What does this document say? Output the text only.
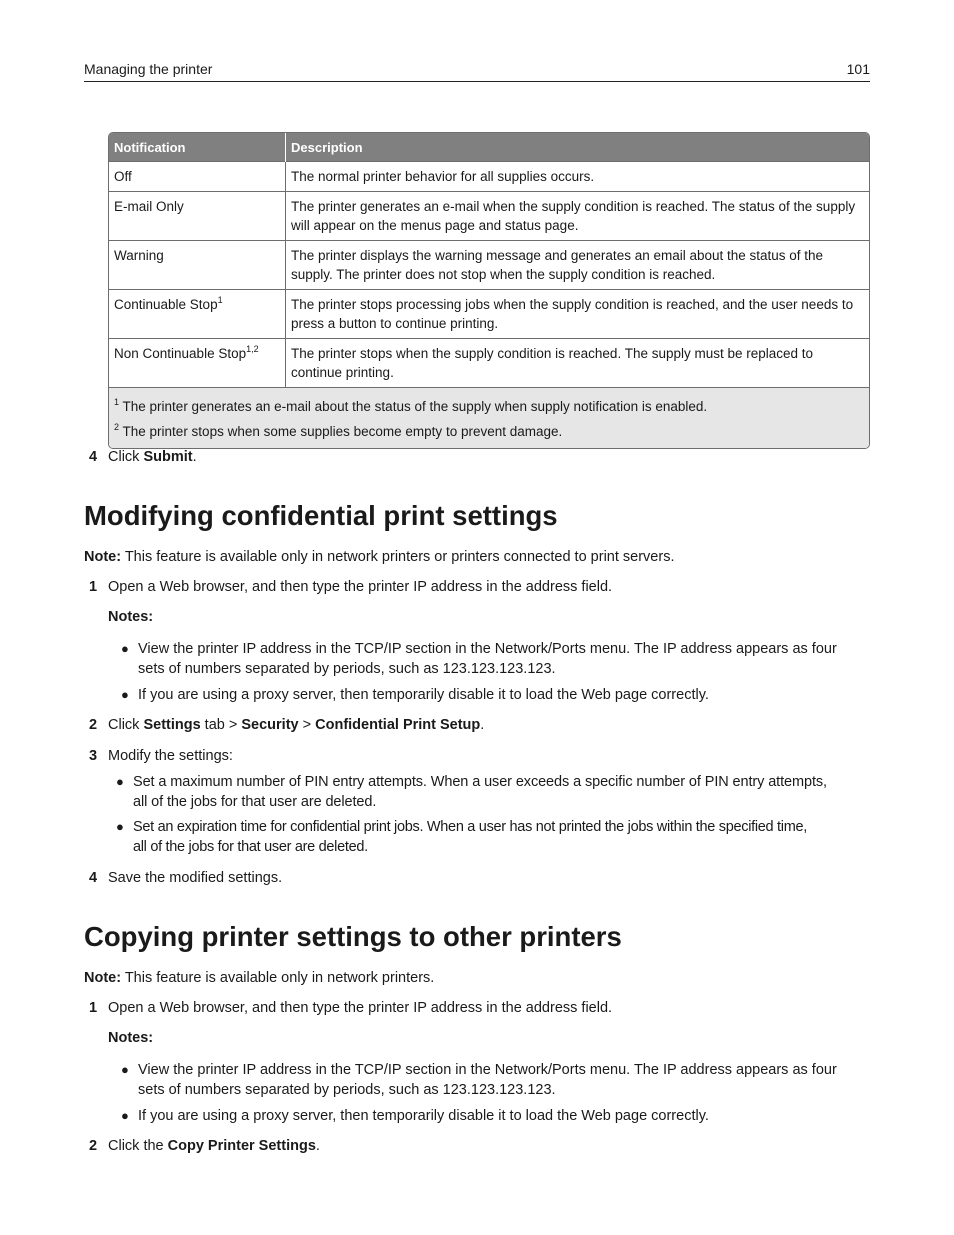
Managing the printer	101
Notification	Description
Off	The normal printer behavior for all supplies occurs.
E-mail Only	The printer generates an e-mail when the supply condition is reached. The status of the supply will appear on the menus page and status page.
Warning	The printer displays the warning message and generates an email about the status of the supply. The printer does not stop when the supply condition is reached.
Continuable Stop$^1$	The printer stops processing jobs when the supply condition is reached, and the user needs to press a button to continue printing.
Non Continuable Stop$^{1,2}$	The printer stops when the supply condition is reached. The supply must be replaced to continue printing.
$^1$ The printer generates an e-mail about the status of the supply when supply notification is enabled.
$^2$ The printer stops when some supplies become empty to prevent damage.
4 Click Submit.
Modifying confidential print settings
Note: This feature is available only in network printers or printers connected to print servers.
1 Open a Web browser, and then type the printer IP address in the address field.
Notes:
● View the printer IP address in the TCP/IP section in the Network/Ports menu. The IP address appears as four
sets of numbers separated by periods, such as 123.123.123.123.
● If you are using a proxy server, then temporarily disable it to load the Web page correctly.
2 Click Settings tab > Security > Confidential Print Setup.
3 Modify the settings:
● Set a maximum number of PIN entry attempts. When a user exceeds a specific number of PIN entry attempts,
all of the jobs for that user are deleted.
● Set an expiration time for confidential print jobs. When a user has not printed the jobs within the specified time,
all of the jobs for that user are deleted.
4 Save the modified settings.
Copying printer settings to other printers
Note: This feature is available only in network printers.
1 Open a Web browser, and then type the printer IP address in the address field.
Notes:
● View the printer IP address in the TCP/IP section in the Network/Ports menu. The IP address appears as four
sets of numbers separated by periods, such as 123.123.123.123.
● If you are using a proxy server, then temporarily disable it to load the Web page correctly.
2 Click the Copy Printer Settings.
